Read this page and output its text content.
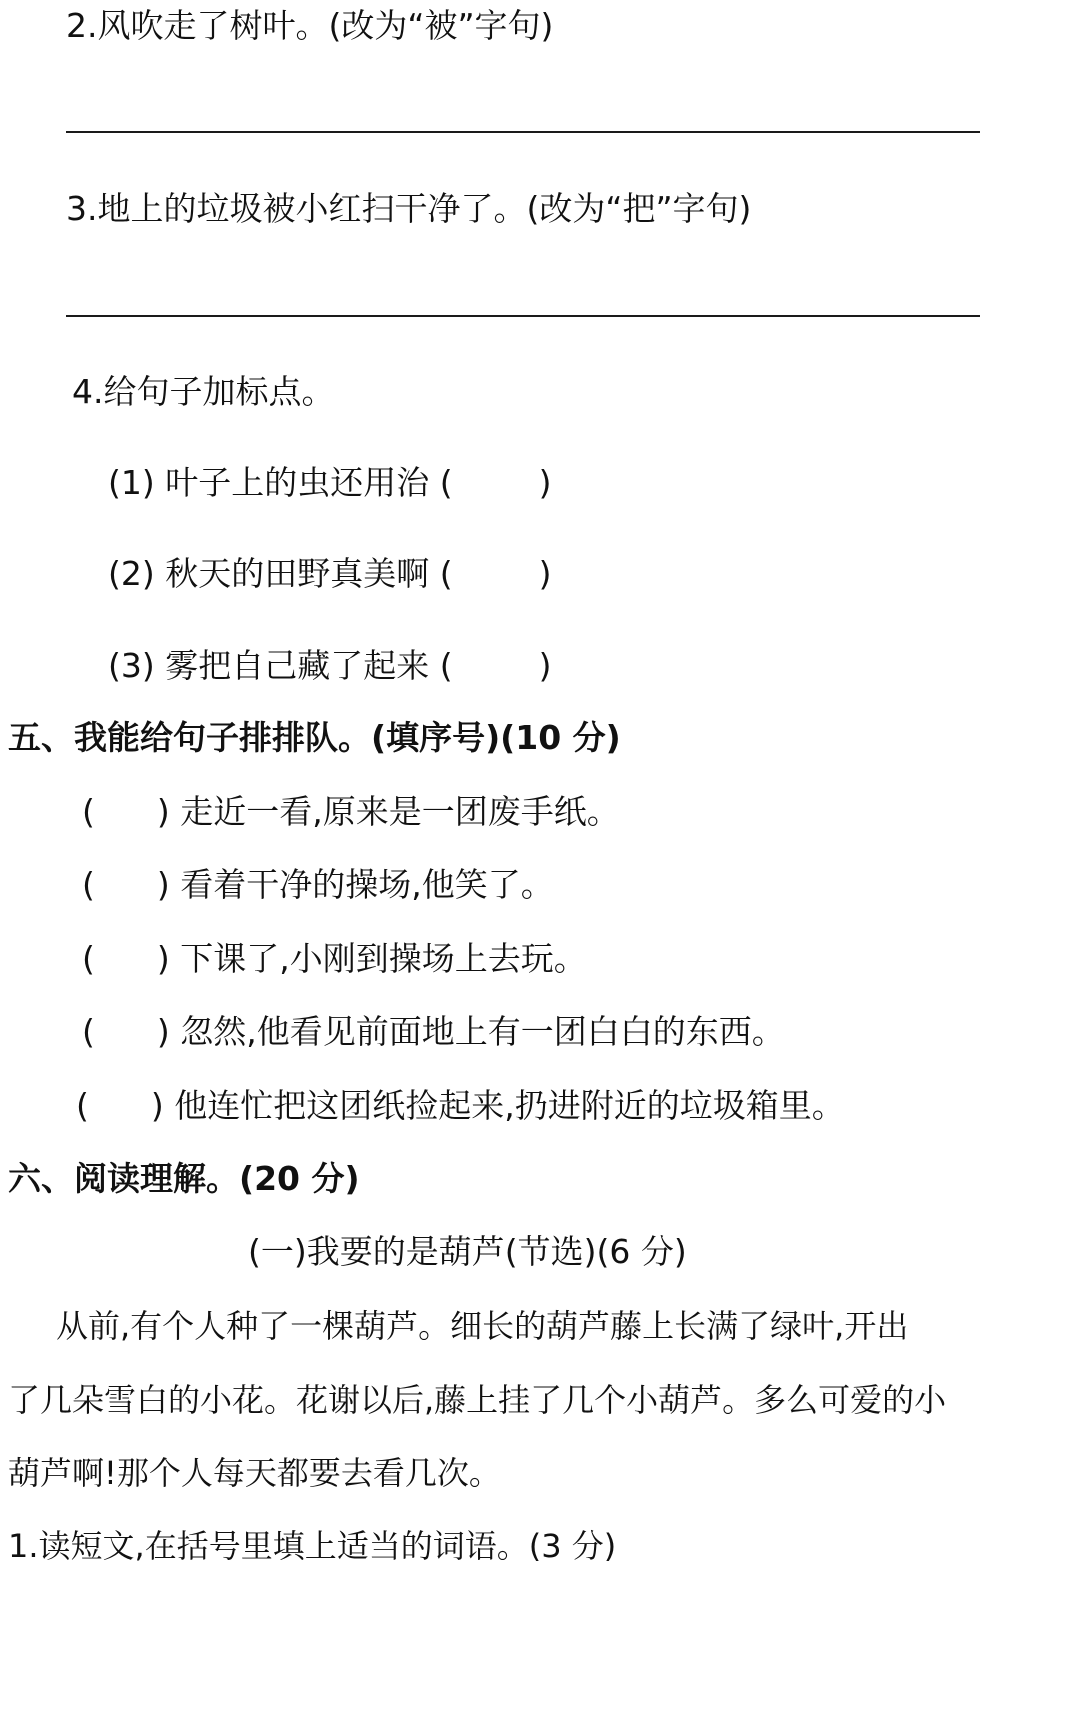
2.风吹走了树叶。(改为“被”字句)
3.地上的垃圾被小红扫干净了。(改为“把”字句)
4.给句子加标点。
(1) 叶子上的虫还用治 (	)
(2) 秋天的田野真美啊 (	)
(3) 雾把自己藏了起来 (	)
五、我能给句子排排队。(填序号)(10 分)
( ) 走近一看,原来是一团废手纸。
( ) 看着干净的操场,他笑了。
( ) 下课了,小刚到操场上去玩。
( ) 忽然,他看见前面地上有一团白白的东西。
( ) 他连忙把这团纸捡起来,扔进附近的垃圾箱里。
六、阅读理解。(20 分)
(一)我要的是葫芦(节选)(6 分)
从前,有个人种了一棵葫芦。细长的葫芦藤上长满了绿叶,开出
了几朵雪白的小花。花谢以后,藤上挂了几个小葫芦。多么可爱的小
葫芦啊!那个人每天都要去看几次。
1.读短文,在括号里填上适当的词语。(3 分)
